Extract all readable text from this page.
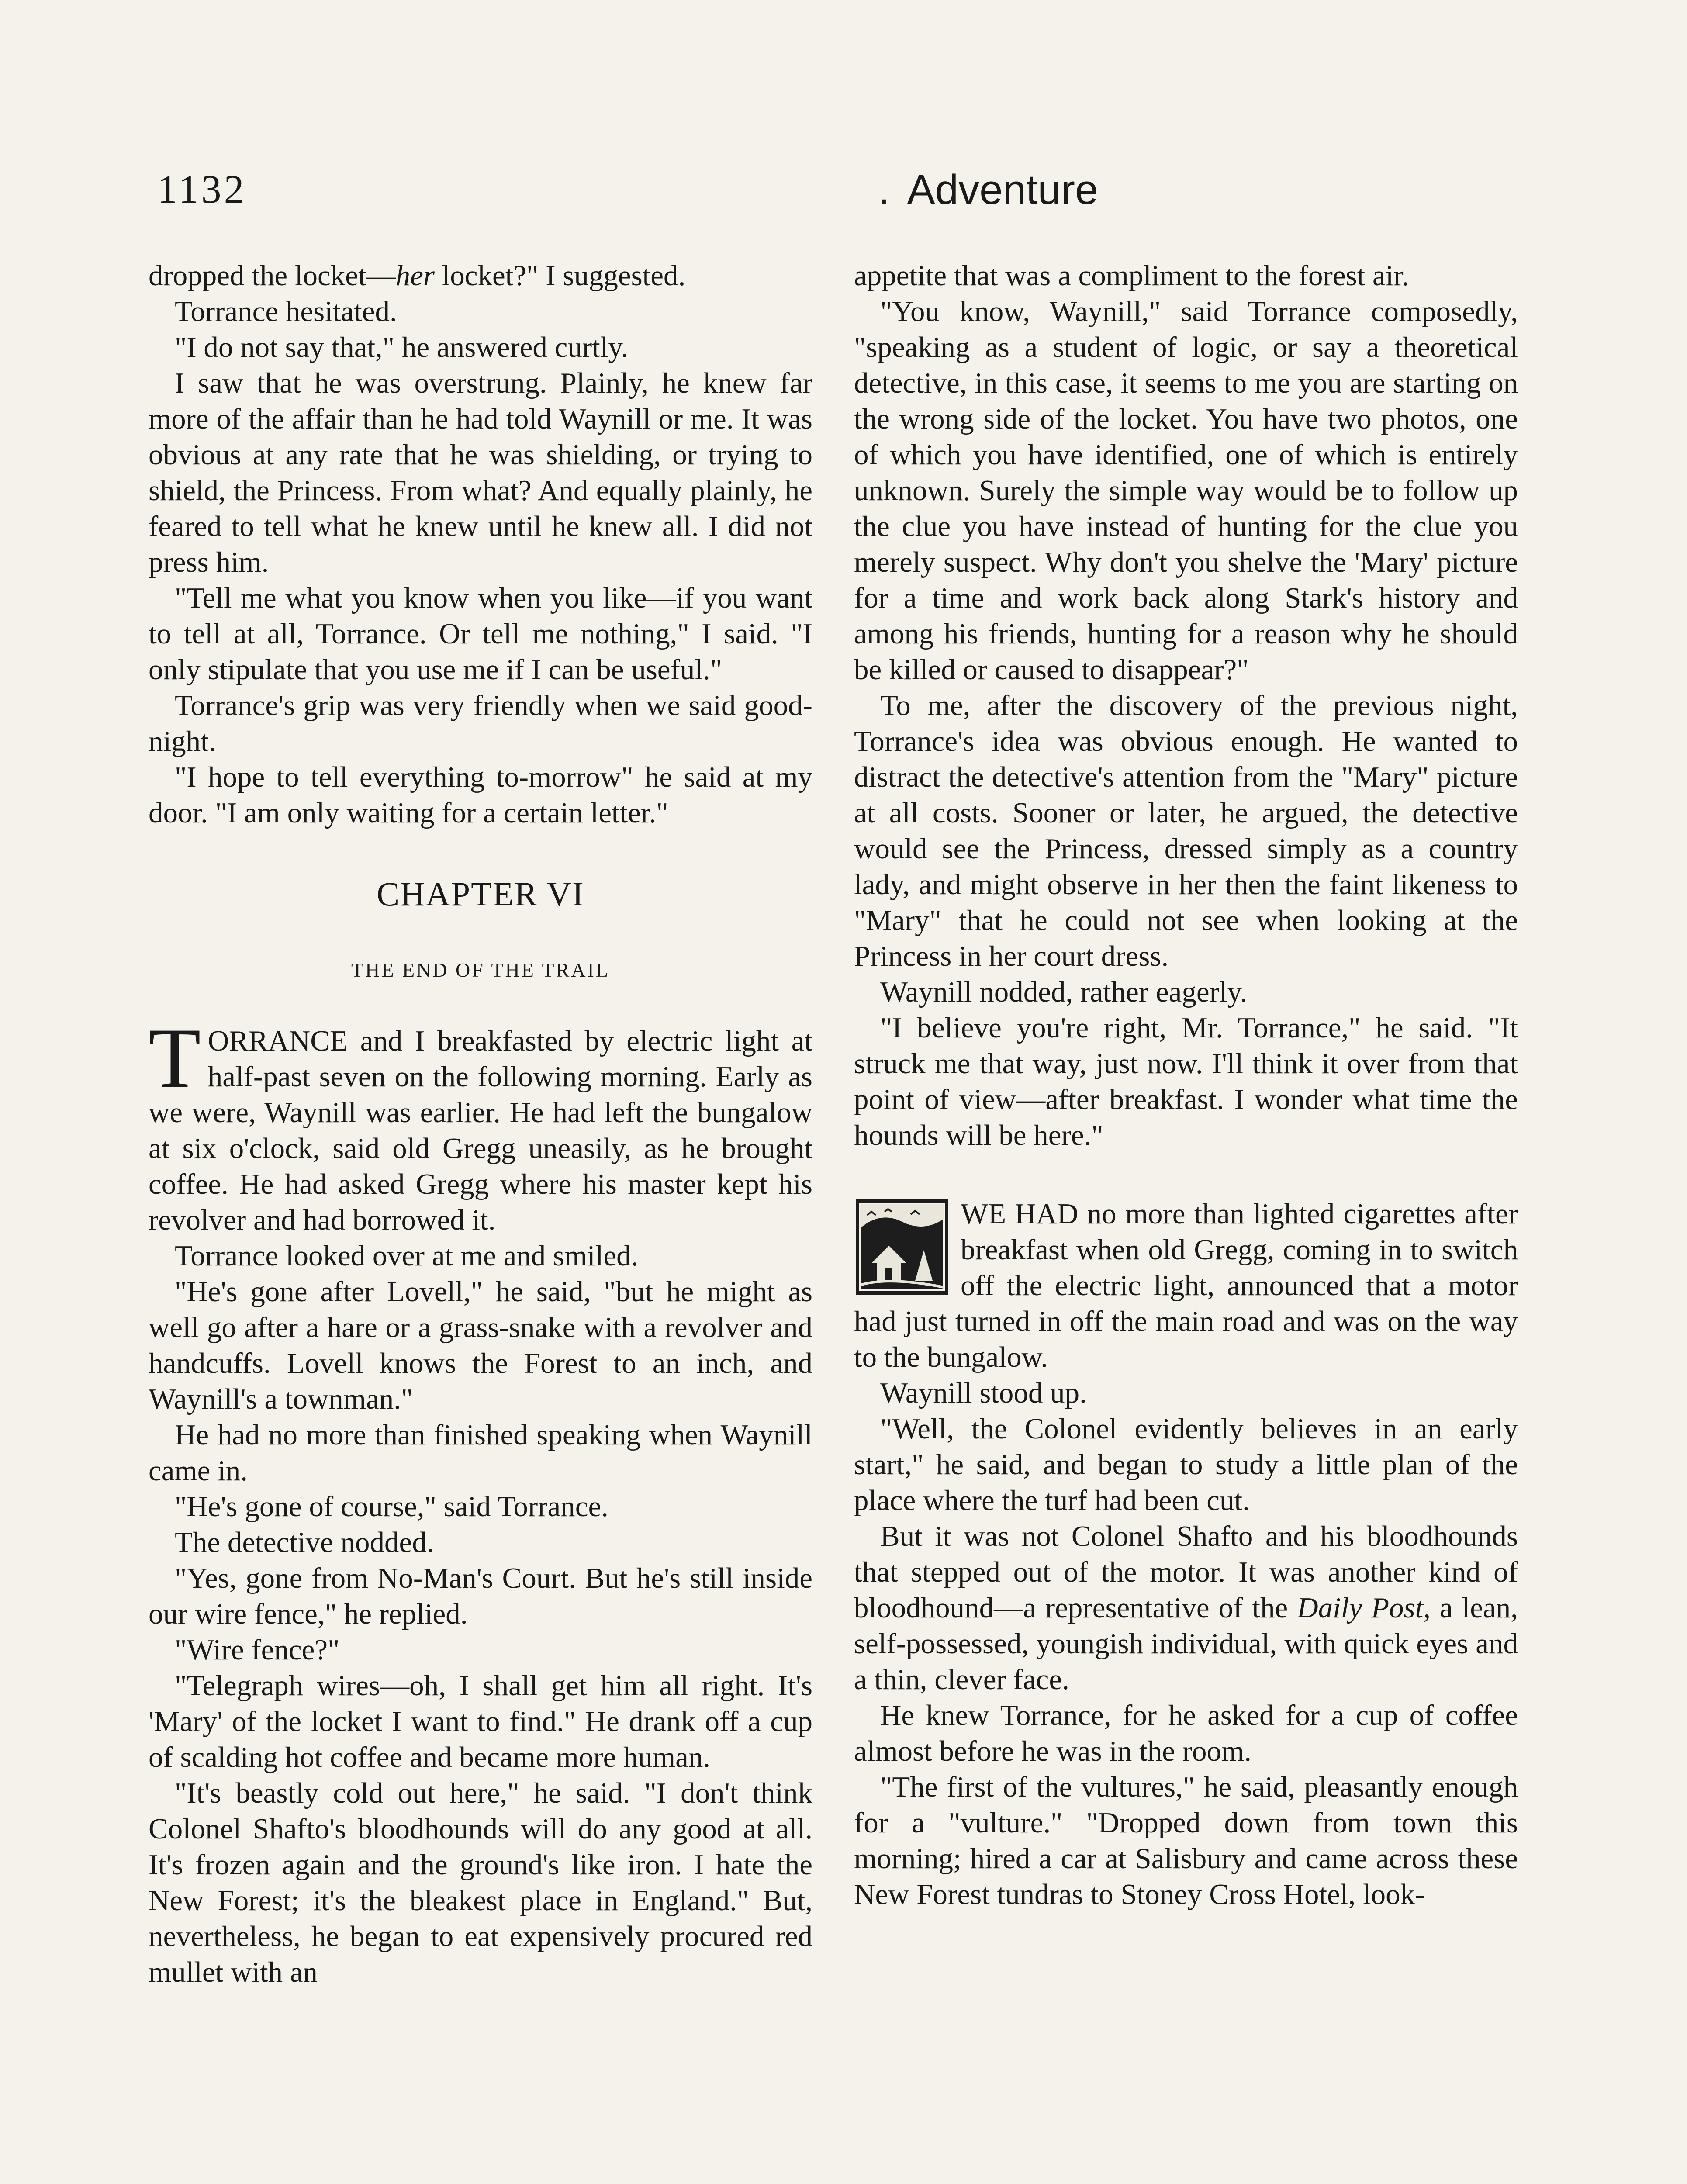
1132	. Adventure

dropped the locket—her locket?" I suggested.

Torrance hesitated.

"I do not say that," he answered curtly.

I saw that he was overstrung. Plainly, he knew far more of the affair than he had told Waynill or me. It was obvious at any rate that he was shielding, or trying to shield, the Princess. From what? And equally plainly, he feared to tell what he knew until he knew all. I did not press him.

"Tell me what you know when you like—if you want to tell at all, Torrance. Or tell me nothing," I said. "I only stipulate that you use me if I can be useful."

Torrance's grip was very friendly when we said good-night.

"I hope to tell everything to-morrow" he said at my door. "I am only waiting for a certain letter."

CHAPTER VI

THE END OF THE TRAIL

TORRANCE and I breakfasted by electric light at half-past seven on the following morning. Early as we were, Waynill was earlier. He had left the bungalow at six o'clock, said old Gregg uneasily, as he brought coffee. He had asked Gregg where his master kept his revolver and had borrowed it.

Torrance looked over at me and smiled.

"He's gone after Lovell," he said, "but he might as well go after a hare or a grass-snake with a revolver and handcuffs. Lovell knows the Forest to an inch, and Waynill's a townman."

He had no more than finished speaking when Waynill came in.

"He's gone of course," said Torrance.

The detective nodded.

"Yes, gone from No-Man's Court. But he's still inside our wire fence," he replied.

"Wire fence?"

"Telegraph wires—oh, I shall get him all right. It's 'Mary' of the locket I want to find." He drank off a cup of scalding hot coffee and became more human.

"It's beastly cold out here," he said. "I don't think Colonel Shafto's bloodhounds will do any good at all. It's frozen again and the ground's like iron. I hate the New Forest; it's the bleakest place in England." But, nevertheless, he began to eat expensively procured red mullet with an

appetite that was a compliment to the forest air.

"You know, Waynill," said Torrance composedly, "speaking as a student of logic, or say a theoretical detective, in this case, it seems to me you are starting on the wrong side of the locket. You have two photos, one of which you have identified, one of which is entirely unknown. Surely the simple way would be to follow up the clue you have instead of hunting for the clue you merely suspect. Why don't you shelve the 'Mary' picture for a time and work back along Stark's history and among his friends, hunting for a reason why he should be killed or caused to disappear?"

To me, after the discovery of the previous night, Torrance's idea was obvious enough. He wanted to distract the detective's attention from the "Mary" picture at all costs. Sooner or later, he argued, the detective would see the Princess, dressed simply as a country lady, and might observe in her then the faint likeness to "Mary" that he could not see when looking at the Princess in her court dress.

Waynill nodded, rather eagerly.

"I believe you're right, Mr. Torrance," he said. "It struck me that way, just now. I'll think it over from that point of view—after breakfast. I wonder what time the hounds will be here."

WE HAD no more than lighted cigarettes after breakfast when old Gregg, coming in to switch off the electric light, announced that a motor had just turned in off the main road and was on the way to the bungalow.

Waynill stood up.

"Well, the Colonel evidently believes in an early start," he said, and began to study a little plan of the place where the turf had been cut.

But it was not Colonel Shafto and his bloodhounds that stepped out of the motor. It was another kind of bloodhound—a representative of the Daily Post, a lean, self-possessed, youngish individual, with quick eyes and a thin, clever face.

He knew Torrance, for he asked for a cup of coffee almost before he was in the room.

"The first of the vultures," he said, pleasantly enough for a "vulture." "Dropped down from town this morning; hired a car at Salisbury and came across these New Forest tundras to Stoney Cross Hotel, look-
